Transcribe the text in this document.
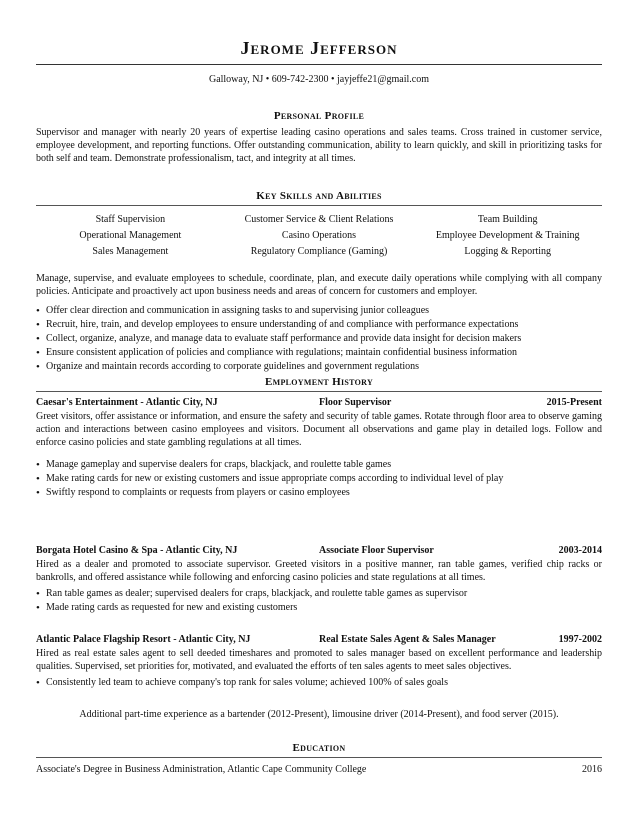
Jerome Jefferson
Galloway, NJ • 609-742-2300 • jayjeffe21@gmail.com
Personal Profile
Supervisor and manager with nearly 20 years of expertise leading casino operations and sales teams. Cross trained in customer service, employee development, and reporting functions. Offer outstanding communication, ability to learn quickly, and skill in prioritizing tasks for both self and team. Demonstrate professionalism, tact, and integrity at all times.
Key Skills and Abilities
Staff Supervision	Customer Service & Client Relations	Team Building
Operational Management	Casino Operations	Employee Development & Training
Sales Management	Regulatory Compliance (Gaming)	Logging & Reporting
Manage, supervise, and evaluate employees to schedule, coordinate, plan, and execute daily operations while complying with all company policies. Anticipate and proactively act upon business needs and areas of concern for customers and employer.
• Offer clear direction and communication in assigning tasks to and supervising junior colleagues
• Recruit, hire, train, and develop employees to ensure understanding of and compliance with performance expectations
• Collect, organize, analyze, and manage data to evaluate staff performance and provide data insight for decision makers
• Ensure consistent application of policies and compliance with regulations; maintain confidential business information
• Organize and maintain records according to corporate guidelines and government regulations
Employment History
Caesar's Entertainment - Atlantic City, NJ	Floor Supervisor	2015-Present
Greet visitors, offer assistance or information, and ensure the safety and security of table games. Rotate through floor area to observe gaming action and interactions between casino employees and visitors. Document all observations and game play in detailed logs. Follow and enforce casino policies and state gambling regulations at all times.
• Manage gameplay and supervise dealers for craps, blackjack, and roulette table games
• Make rating cards for new or existing customers and issue appropriate comps according to individual level of play
• Swiftly respond to complaints or requests from players or casino employees
Borgata Hotel Casino & Spa - Atlantic City, NJ	Associate Floor Supervisor	2003-2014
Hired as a dealer and promoted to associate supervisor. Greeted visitors in a positive manner, ran table games, verified chip racks or bankrolls, and offered assistance while following and enforcing casino policies and state regulations at all times.
• Ran table games as dealer; supervised dealers for craps, blackjack, and roulette table games as supervisor
• Made rating cards as requested for new and existing customers
Atlantic Palace Flagship Resort - Atlantic City, NJ	Real Estate Sales Agent & Sales Manager	1997-2002
Hired as real estate sales agent to sell deeded timeshares and promoted to sales manager based on excellent performance and leadership qualities. Supervised, set priorities for, motivated, and evaluated the efforts of ten sales agents to meet sales objectives.
• Consistently led team to achieve company's top rank for sales volume; achieved 100% of sales goals
Additional part-time experience as a bartender (2012-Present), limousine driver (2014-Present), and food server (2015).
Education
Associate's Degree in Business Administration, Atlantic Cape Community College	2016
